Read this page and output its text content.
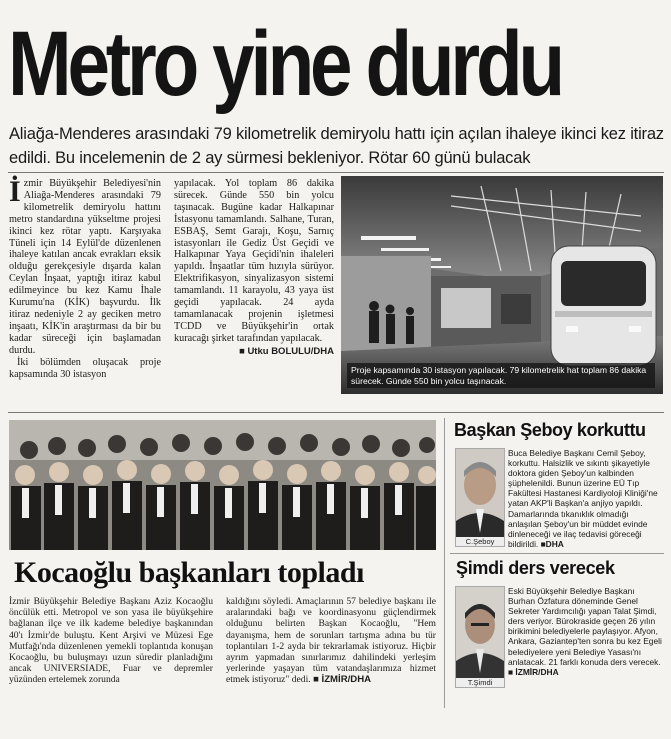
Metro yine durdu

Aliağa-Menderes arasındaki 79 kilometrelik demiryolu hattı için açılan ihaleye ikinci kez itiraz edildi. Bu incelemenin de 2 ay sürmesi bekleniyor. Rötar 60 günü bulacak

İzmir Büyükşehir Belediyesi'nin Aliağa-Menderes arasındaki 79 kilometrelik demiryolu hattını metro standardına yükseltme projesi ikinci kez rötar yaptı. Karşıyaka Tüneli için 14 Eylül'de düzenlenen ihaleye katılan ancak evrakları eksik olduğu gerekçesiyle dışarda kalan Ceylan İnşaat, yaptığı itiraz kabul edilmeyince bu kez Kamu İhale Kurumu'na (KİK) başvurdu. İlk itiraz nedeniyle 2 ay geciken metro inşaatı, KİK'in araştırması da bir bu kadar süreceği için başlamadan durdu.

İki bölümden oluşacak proje kapsamında 30 istasyon

yapılacak. Yol toplam 86 dakika sürecek. Günde 550 bin yolcu taşınacak. Bugüne kadar Halkapınar İstasyonu tamamlandı. Salhane, Turan, ESBAŞ, Semt Garajı, Koşu, Sarnıç istasyonları ile Gediz Üst Geçidi ve Halkapınar Yaya Geçidi'nin ihaleleri yapıldı. İnşaatlar tüm hızıyla sürüyor. Elektrifikasyon, sinyalizasyon sistemi tamamlandı. 11 karayolu, 43 yaya üst geçidi yapılacak. 24 ayda tamamlanacak projenin işletmesi TCDD ve Büyükşehir'in ortak kuracağı şirket tarafından yapılacak.

■ Utku BOLULU/DHA
Proje kapsamında 30 istasyon yapılacak. 79 kilometrelik hat toplam 86 dakika sürecek. Günde 550 bin yolcu taşınacak.
Kocaoğlu başkanları topladı

İzmir Büyükşehir Belediye Başkanı Aziz Kocaoğlu öncülük etti. Metropol ve son yasa ile büyükşehire bağlanan ilçe ve ilk kademe belediye başkanından 40'ı İzmir'de buluştu. Kent Arşivi ve Müzesi Ege Mutfağı'nda düzenlenen yemekli toplantıda konuşan Kocaoğlu, bu buluşmayı uzun süredir planladığını ancak UNIVERSIADE, Fuar ve depremler yüzünden ertelemek zorunda

kaldığını söyledi. Amaçlarının 57 belediye başkanı ile aralarındaki bağı ve koordinasyonu güçlendirmek olduğunu belirten Başkan Kocaoğlu, "Hem dayanışma, hem de sorunları tartışma adına bu tür toplantıları 1-2 ayda bir tekrarlamak istiyoruz. Hiçbir ayrım yapmadan sınırlarımız dahilindeki yerleşim yerlerinde yaşayan tüm vatandaşlarımıza hizmet etmek istiyoruz" dedi. ■ İZMİR/DHA

Başkan Şeboy korkuttu
C.Şeboy
Buca Belediye Başkanı Cemil Şeboy, korkuttu. Halsizlik ve sıkıntı şikayetiyle doktora giden Şeboy'un kalbinden şüphelenildi. Bunun üzerine EÜ Tıp Fakültesi Hastanesi Kardiyoloji Kliniği'ne yatan AKP'li Başkan'a anjiyo yapıldı. Damarlarında tıkanıklık olmadığı anlaşılan Şeboy'un bir müddet evinde dinleneceği ve ilaç tedavisi göreceği bildirildi. ■DHA
Şimdi ders verecek
T.Şimdi
Eski Büyükşehir Belediye Başkanı Burhan Özfatura döneminde Genel Sekreter Yardımcılığı yapan Talat Şimdi, ders veriyor. Bürokraside geçen 26 yılın birikimini belediyelerle paylaşıyor. Afyon, Ankara, Gaziantep'ten sonra bu kez Egeli belediyelere yeni Belediye Yasası'nı anlatacak. 21 farklı konuda ders verecek. ■ İZMİR/DHA
